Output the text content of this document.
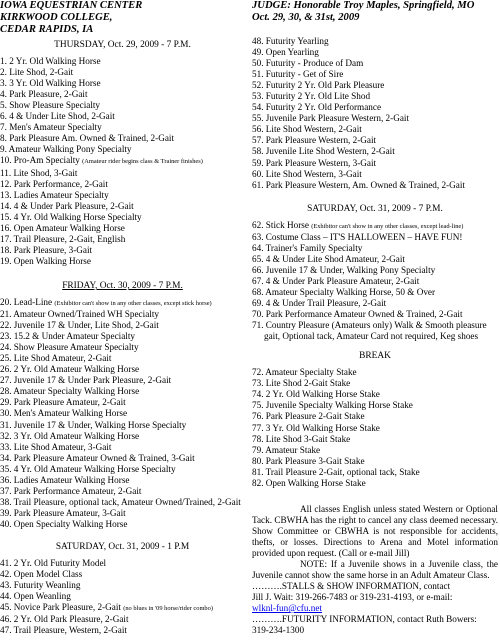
IOWA EQUESTRIAN CENTER
KIRKWOOD COLLEGE,
CEDAR RAPIDS, IA
THURSDAY, Oct. 29, 2009 - 7 P.M.
1. 2 Yr. Old Walking Horse
2. Lite Shod, 2-Gait
3. 3 Yr. Old Walking Horse
4. Park Pleasure, 2-Gait
5. Show Pleasure Specialty
6. 4 & Under Lite Shod, 2-Gait
7. Men's Amateur Specialty
8. Park Pleasure Am. Owned & Trained, 2-Gait
9. Amateur Walking Pony Specialty
10. Pro-Am Specialty (Amateur rider begins class & Trainer finishes)
11. Lite Shod, 3-Gait
12. Park Performance, 2-Gait
13. Ladies Amateur Specialty
14. 4 & Under Park Pleasure, 2-Gait
15. 4 Yr. Old Walking Horse Specialty
16. Open Amateur Walking Horse
17. Trail Pleasure, 2-Gait, English
18. Park Pleasure, 3-Gait
19. Open Walking Horse
FRIDAY, Oct. 30, 2009 - 7 P.M.
20. Lead-Line (Exhibitor can't show in any other classes, except stick horse)
21. Amateur Owned/Trained WH Specialty
22. Juvenile 17 & Under, Lite Shod, 2-Gait
23. 15.2 & Under Amateur Specialty
24. Show Pleasure Amateur Specialty
25. Lite Shod Amateur, 2-Gait
26. 2 Yr. Old Amateur Walking Horse
27. Juvenile 17 & Under Park Pleasure, 2-Gait
28. Amateur Specialty Walking Horse
29. Park Pleasure Amateur, 2-Gait
30. Men's Amateur Walking Horse
31. Juvenile 17 & Under, Walking Horse Specialty
32. 3 Yr. Old Amateur Walking Horse
33. Lite Shod Amateur, 3-Gait
34. Park Pleasure Amateur Owned & Trained, 3-Gait
35. 4 Yr. Old Amateur Walking Horse Specialty
36. Ladies Amateur Walking Horse
37. Park Performance Amateur, 2-Gait
38. Trail Pleasure, optional tack, Amateur Owned/Trained, 2-Gait
39. Park Pleasure Amateur, 3-Gait
40. Open Specialty Walking Horse
SATURDAY, Oct. 31, 2009 - 1 P.M
41. 2 Yr. Old Futurity Model
42. Open Model Class
43. Futurity Weanling
44. Open Weanling
45. Novice Park Pleasure, 2-Gait (no blues in '09 horse/rider combo)
46. 2 Yr. Old Park Pleasure, 2-Gait
47. Trail Pleasure, Western, 2-Gait
JUDGE: Honorable Troy Maples, Springfield, MO
Oct. 29, 30, & 31st, 2009
48. Futurity Yearling
49. Open Yearling
50. Futurity - Produce of Dam
51. Futurity - Get of Sire
52. Futurity 2 Yr. Old Park Pleasure
53. Futurity 2 Yr. Old Lite Shod
54. Futurity 2 Yr. Old Performance
55. Juvenile Park Pleasure Western, 2-Gait
56. Lite Shod Western, 2-Gait
57. Park Pleasure Western, 2-Gait
58. Juvenile Lite Shod Western, 2-Gait
59. Park Pleasure Western, 3-Gait
60. Lite Shod Western, 3-Gait
61. Park Pleasure Western, Am. Owned & Trained, 2-Gait
SATURDAY, Oct. 31, 2009 - 7 P.M.
62. Stick Horse (Exhibitor can't show in any other classes, except lead-line)
63. Costume Class – IT'S HALLOWEEN – HAVE FUN!
64. Trainer's Family Specialty
65. 4 & Under Lite Shod Amateur, 2-Gait
66. Juvenile 17 & Under, Walking Pony Specialty
67. 4 & Under Park Pleasure Amateur, 2-Gait
68. Amateur Specialty Walking Horse, 50 & Over
69. 4 & Under Trail Pleasure, 2-Gait
70. Park Performance Amateur Owned & Trained, 2-Gait
71. Country Pleasure (Amateurs only) Walk & Smooth pleasure
gait, Optional tack, Amateur Card not required, Keg shoes
BREAK
72. Amateur Specialty Stake
73. Lite Shod 2-Gait Stake
74. 2 Yr. Old Walking Horse Stake
75. Juvenile Specialty Walking Horse Stake
76. Park Pleasure 2-Gait Stake
77. 3 Yr. Old Walking Horse Stake
78. Lite Shod 3-Gait Stake
79. Amateur Stake
80. Park Pleasure 3-Gait Stake
81. Trail Pleasure 2-Gait, optional tack, Stake
82. Open Walking Horse Stake

All classes English unless stated Western or Optional Tack. CBWHA has the right to cancel any class deemed necessary. Show Committee or CBWHA is not responsible for accidents, thefts, or losses. Directions to Arena and Motel information provided upon request. (Call or e-mail Jill)

NOTE: If a Juvenile shows in a Juvenile class, the Juvenile cannot show the same horse in an Adult Amateur Class.

……….STALLS & SHOW INFORMATION, contact
Jill J. Wait: 319-266-7483 or 319-231-4193, or e-mail:
wlknl-fun@cfu.net
……….FUTURITY INFORMATION, contact Ruth Bowers:
319-234-1300
